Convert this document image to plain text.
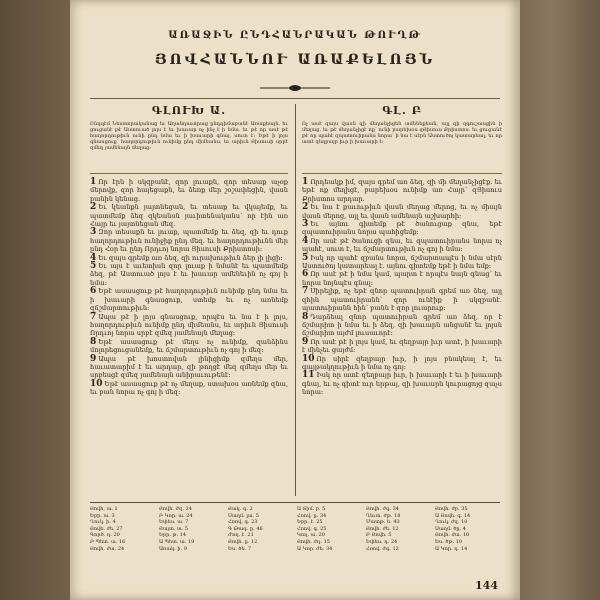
ԱՌԱՋԻՆ ԸՆԴՀԱՆՐԱԿԱՆ ԹՈՒՂԹ
ՅՈՎՀԱՆՆՈՒ ԱՌԱՔԵԼՈՅՆ
ԳԼՈՒԽ Ա.
Ընդդէմ Նեստորականաց եւ Աղանդաւորաց ընդդիմաբանէ Առաքեալն, եւ ցուցանէ թէ Աստուած լոյս է եւ խաւար ոչ ինչ է ի նմա. եւ թէ որ ասէ թէ հաղորդութիւն ունի ընդ նմա եւ ի խաւարի գնայ, սուտ է։ Եթէ ի լոյս գնասցուք՝ հաղորդութիւն ունիմք ընդ միմեանս, եւ արիւն Յիսուսի սրբէ զմեզ յամենայն մեղաց։

1 Որ էրն ի սկզբանէ, զոր լուաքն, զոր տեսաք աչօք մերովք, զոր հայեցաքն, եւ ձեռք մեր շօշափեցին, վասն բանին կենաց.

2 Եւ կեանքն յայտնեցան, եւ տեսաք եւ վկայեմք, եւ պատմեմք ձեզ զկեանսն յաւիտենականս՝ որ էին առ Հայր եւ յայտնեցան մեզ.

3 Զոր տեսաքն եւ լուաք, պատմեմք եւ ձեզ, զի եւ դուք հաղորդութիւն ունիջիք ընդ մեզ. եւ հաղորդութիւնն մեր ընդ Հօր եւ ընդ Որդւոյ նորա Յիսուսի Քրիստոսի։

4 Եւ զայս գրեմք առ ձեզ, զի ուրախութիւն ձեր լի լիցի։

5 Եւ այս է աւետիսն զոր լուաք ի նմանէ եւ պատմեմք ձեզ, թէ Աստուած լոյս է եւ խաւար ամենեւին ոչ գոյ ի նմա։

6 Եթէ ասասցուք թէ հաղորդութիւն ունիմք ընդ նմա եւ ի խաւարի գնասցուք, ստեմք եւ ոչ առնեմք զճշմարտութիւն։

7 Ապա թէ ի լոյս գնասցուք, որպէս եւ նա է ի լոյս, հաղորդութիւն ունիմք ընդ միմեանս, եւ արիւն Յիսուսի Որդւոյ նորա սրբէ զմեզ յամենայն մեղաց։

8 Եթէ ասասցուք թէ մեղս ոչ ունիմք, զանձինս մոլորեցուցանեմք, եւ ճշմարտութիւն ոչ գոյ ի մեզ։

9 Ապա թէ խոստովան լինիցիմք զմեղս մեր, հաւատարիմ է եւ արդար, զի թողցէ մեզ զմեղս մեր եւ սրբեսցէ զմեզ յամենայն անիրաւութենէ։

10 Եթէ ասասցուք թէ ոչ մեղաք, ստախօս առնեմք զնա, եւ բան նորա ոչ գոյ ի մեզ։

ԳԼ. Բ
Ոչ ասէ զայս վասն զի մեղանչիցեն ամենեքեան, այլ զի զգուշասցին ի մեղաց. եւ թէ մեղանչիցէ ոք՝ ունի բարեխօս զՅիսուս Քրիստոս. եւ ցուցանէ թէ որ պահէ զպատուիրանս նորա՝ ի նա է սէրն Աստուծոյ կատարեալ, եւ որ ատէ զեղբայր իւր ի խաւարի է։

1 Որդեակք իմ, զայս գրեմ առ ձեզ, զի մի մեղանչիցէք. եւ եթէ ոք մեղիցէ, բարեխօս ունիմք առ Հայր՝ զՅիսուս Քրիստոս արդար.

2 Եւ նա է քաւութիւն վասն մեղաց մերոց, եւ ոչ միայն վասն մերոց, այլ եւ վասն ամենայն աշխարհի։

3 Եւ այնու գիտեմք թէ ծանուցաք զնա, եթէ զպատուիրանս նորա պահիցեմք։

4 Որ ասէ թէ ծանուցի զնա, եւ զպատուիրանս նորա ոչ պահէ, սուտ է, եւ ճշմարտութիւն ոչ գոյ ի նմա։

5 Իսկ որ պահէ զբանս նորա, ճշմարտապէս ի նմա սէրն Աստուծոյ կատարեալ է. այնու գիտեմք եթէ ի նմա եմք։

6 Որ ասէ թէ ի նմա կամ, պարտ է որպէս նայն գնաց՝ եւ նորա նոյնպէս գնալ։

7 Սիրելիք, ոչ եթէ զնոր պատուիրան գրեմ առ ձեզ, այլ զհին պատուիրանն՝ զոր ունէիք ի սկզբանէ. պատուիրանն հին՝ բանն է զոր լուարուք։

8 Դարձեալ զնոր պատուիրան գրեմ առ ձեզ, որ է ճշմարիտ ի նմա եւ ի ձեզ, զի խաւարն անցանէ եւ լոյսն ճշմարիտ այժմ լուսաւորէ։

9 Որ ասէ թէ ի լոյս կամ, եւ զեղբայր իւր ատէ, ի խաւարի է մինչեւ ցայժմ։

10 Որ սիրէ զեղբայր իւր, ի լոյս բնակեալ է, եւ գայթակղութիւն ի նմա ոչ գոյ։

11 Իսկ որ ատէ զեղբայր իւր, ի խաւարի է եւ ի խաւարի գնայ, եւ ոչ գիտէ ուր երթայ, զի խաւարն կուրացոյց զաչս նորա։

Յովհ. ա. 1
Եբր. ա. 3
Ղուկ. ի. 4
Յովհ. ժե. 27
Գործ. դ. 20
Բ Պետ. ա. 16
Յովհ. ժա. 24
Յովհ. ժզ. 24
Բ Կոր. ա. 24
Եփես. ա. 7
Յայտ. ա. 5
Եբր. թ. 14
Ա Պետ. ա. 19
Առակ. ի. 9
Յակ. գ. 2
Սաղմ. լա. 5
Հռով. գ. 23
Գ Թագ. ը. 46
Ժող. է. 21
Յովհ. ը. 12
Ես. ծե. 7
Ա Տիմ. բ. 5
Հռով. ը. 34
Եբր. է. 25
Հռով. գ. 25
Կող. ա. 20
Յովհ. ժդ. 15
Ա Կոր. ժե. 34
Յովհ. ժգ. 34
Ղեւտ. ժթ. 18
Մատթ. ե. 43
Յովհ. ժե. 12
Բ Յովհ. 5
Եփես. դ. 24
Հռով. ժգ. 12
Յովհ. ժբ. 35
Ա Յովհ. գ. 14
Ղուկ. ժզ. 10
Սաղմ. ծը. 4
Յովհ. ժա. 10
Ես. ծթ. 10
Ա Կոր. դ. 14
144
